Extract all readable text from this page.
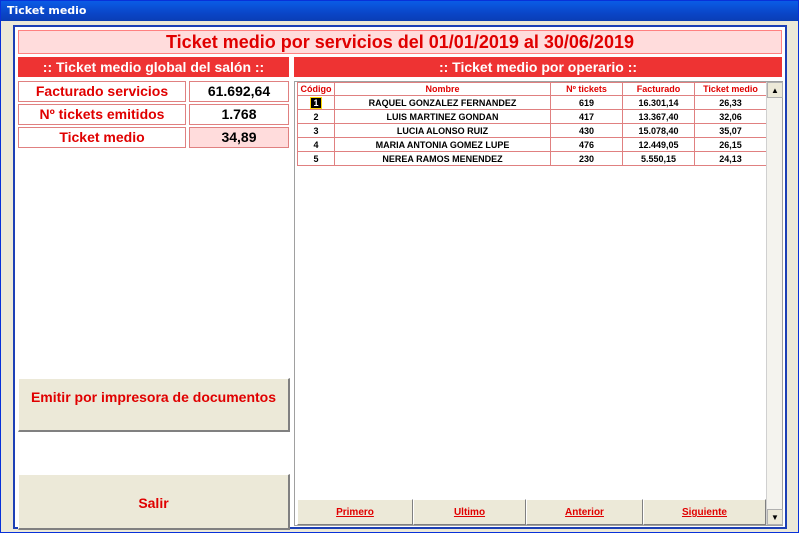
Ticket medio
Ticket medio por servicios del 01/01/2019 al 30/06/2019
:: Ticket medio global del salón ::
Facturado servicios	61.692,64
Nº tickets emitidos	1.768
Ticket medio	34,89
Emitir por impresora de documentos
Salir
:: Ticket medio por operario ::
Código	Nombre	Nº tickets	Facturado	Ticket medio
1	RAQUEL GONZALEZ FERNANDEZ	619	16.301,14	26,33
2	LUIS MARTINEZ GONDAN	417	13.367,40	32,06
3	LUCIA ALONSO RUIZ	430	15.078,40	35,07
4	MARIA ANTONIA GOMEZ LUPE	476	12.449,05	26,15
5	NEREA RAMOS MENENDEZ	230	5.550,15	24,13
▲
▼
Primero	Ultimo	Anterior	Siguiente
